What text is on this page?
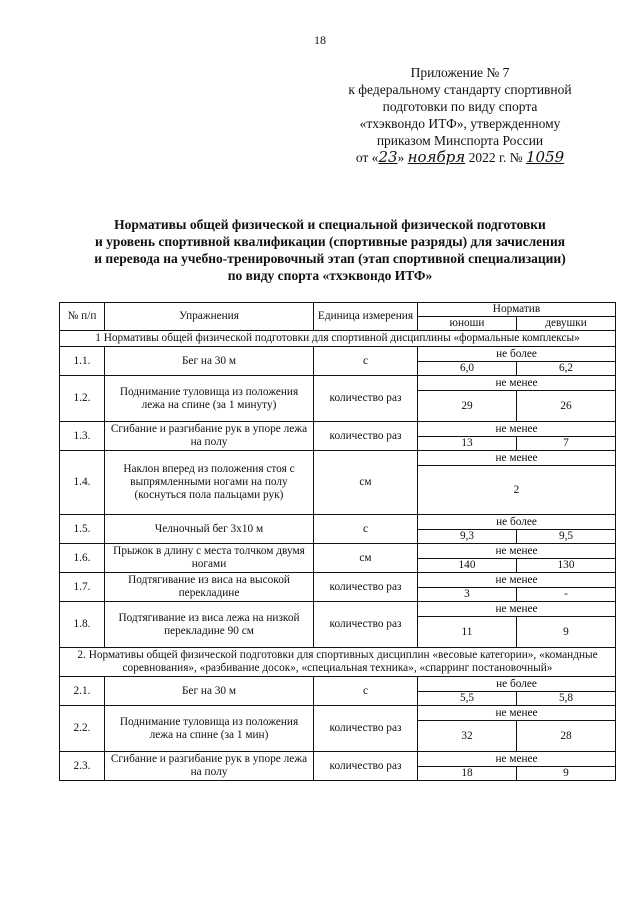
18
Приложение № 7
к федеральному стандарту спортивной
подготовки по виду спорта
«тхэквондо ИТФ», утвержденному
приказом Минспорта России
от «23» ноября 2022 г. № 1059
Нормативы общей физической и специальной физической подготовки
и уровень спортивной квалификации (спортивные разряды) для зачисления
и перевода на учебно-тренировочный этап (этап спортивной специализации)
по виду спорта «тхэквондо ИТФ»
№ п/п	Упражнения	Единица измерения	Норматив	
			юноши	девушки
1 Нормативы общей физической подготовки для спортивной дисциплины «формальные комплексы»				
1.1.	Бег на 30 м	с	не более	
			6,0	6,2
1.2.	Поднимание туловища из положения лежа на спине (за 1 минуту)	количество раз	не менее	
			29	26
1.3.	Сгибание и разгибание рук в упоре лежа на полу	количество раз	не менее	
			13	7
1.4.	Наклон вперед из положения стоя с выпрямленными ногами на полу (коснуться пола пальцами рук)	см	не менее	
			2	
1.5.	Челночный бег 3х10 м	с	не более	
			9,3	9,5
1.6.	Прыжок в длину с места толчком двумя ногами	см	не менее	
			140	130
1.7.	Подтягивание из виса на высокой перекладине	количество раз	не менее	
			3	-
1.8.	Подтягивание из виса лежа на низкой перекладине 90 см	количество раз	не менее	
			11	9
2. Нормативы общей физической подготовки для спортивных дисциплин «весовые категории», «командные соревнования», «разбивание досок», «специальная техника», «спарринг постановочный»				
2.1.	Бег на 30 м	с	не более	
			5,5	5,8
2.2.	Поднимание туловища из положения лежа на спине (за 1 мин)	количество раз	не менее	
			32	28
2.3.	Сгибание и разгибание рук в упоре лежа на полу	количество раз	не менее	
			18	9
